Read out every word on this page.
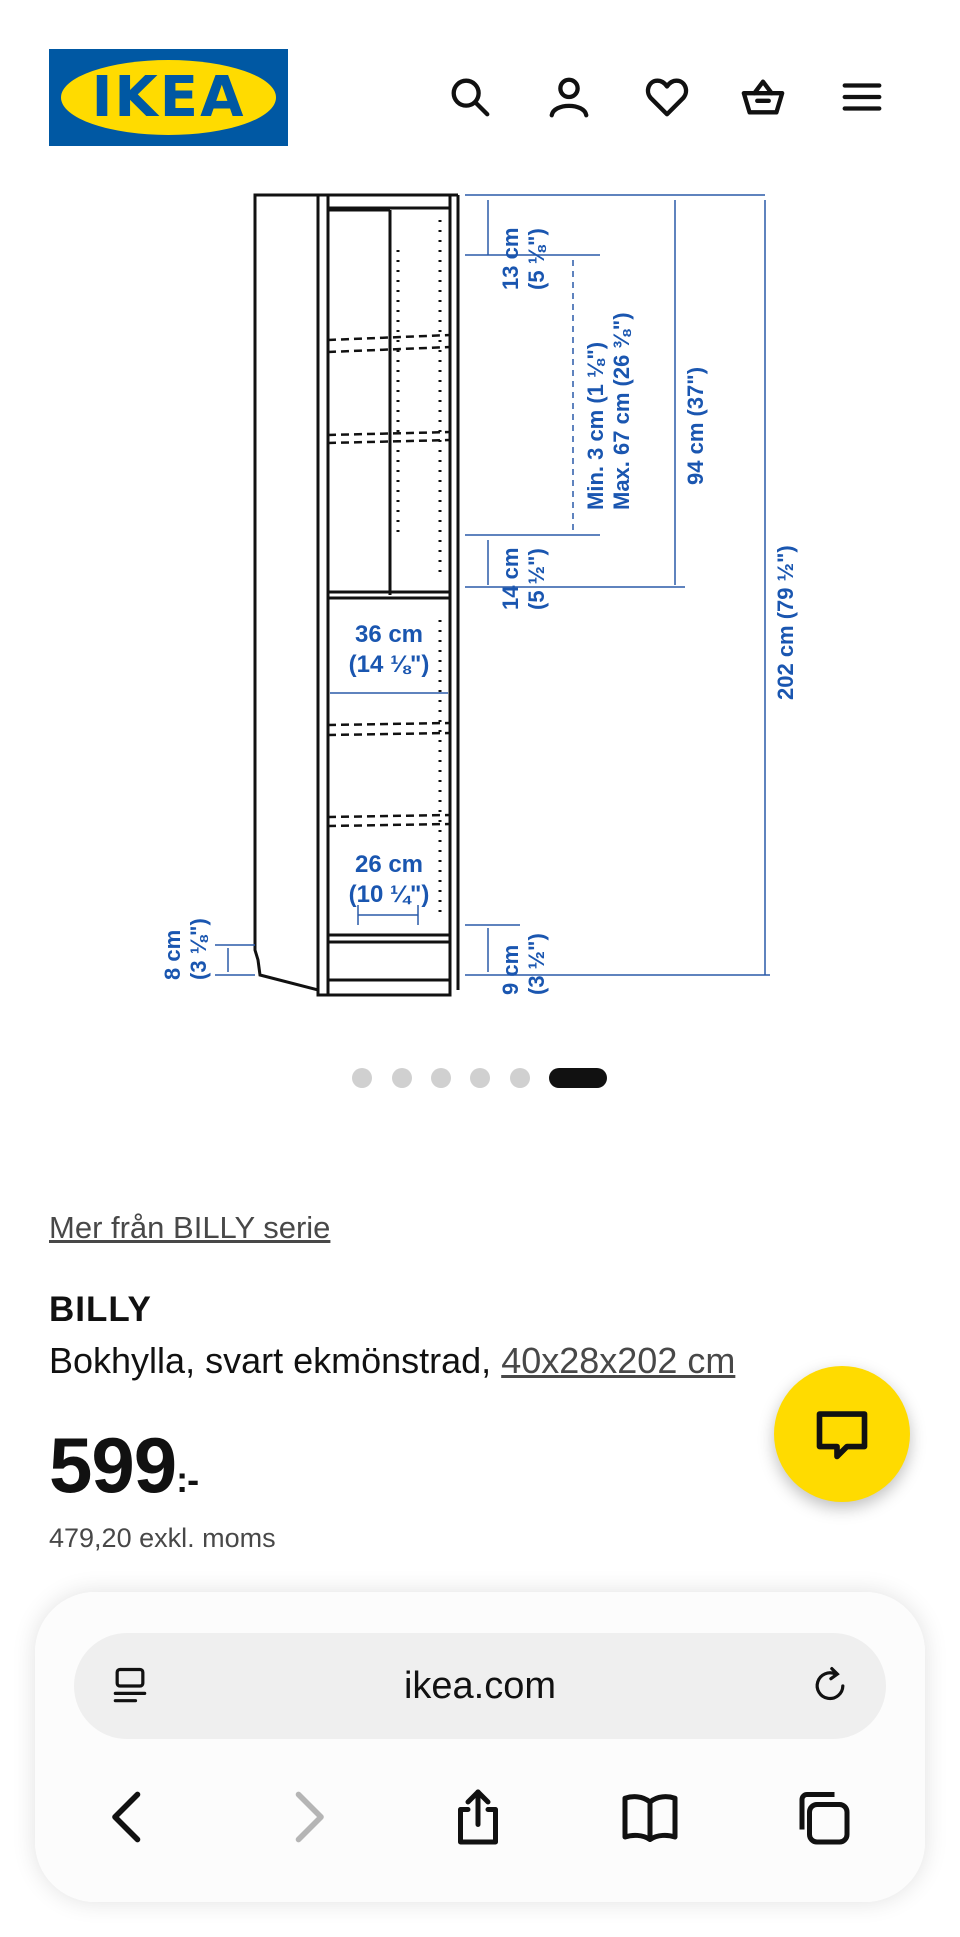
IKEA
13 cm
(5 ⅛")
Min. 3 cm (1 ⅛")
Max. 67 cm (26 ⅜") 94 cm (37")
202 cm (79 ½")
14 cm
(5 ½")
36 cm
(14 ⅛")
26 cm
(10 ¼")
9 cm
(3 ½")
8 cm
(3 ⅛")
Mer från BILLY serie
BILLY
Bokhylla, svart ekmönstrad, 40x28x202 cm
599:-
479,20 exkl. moms
ikea.com
